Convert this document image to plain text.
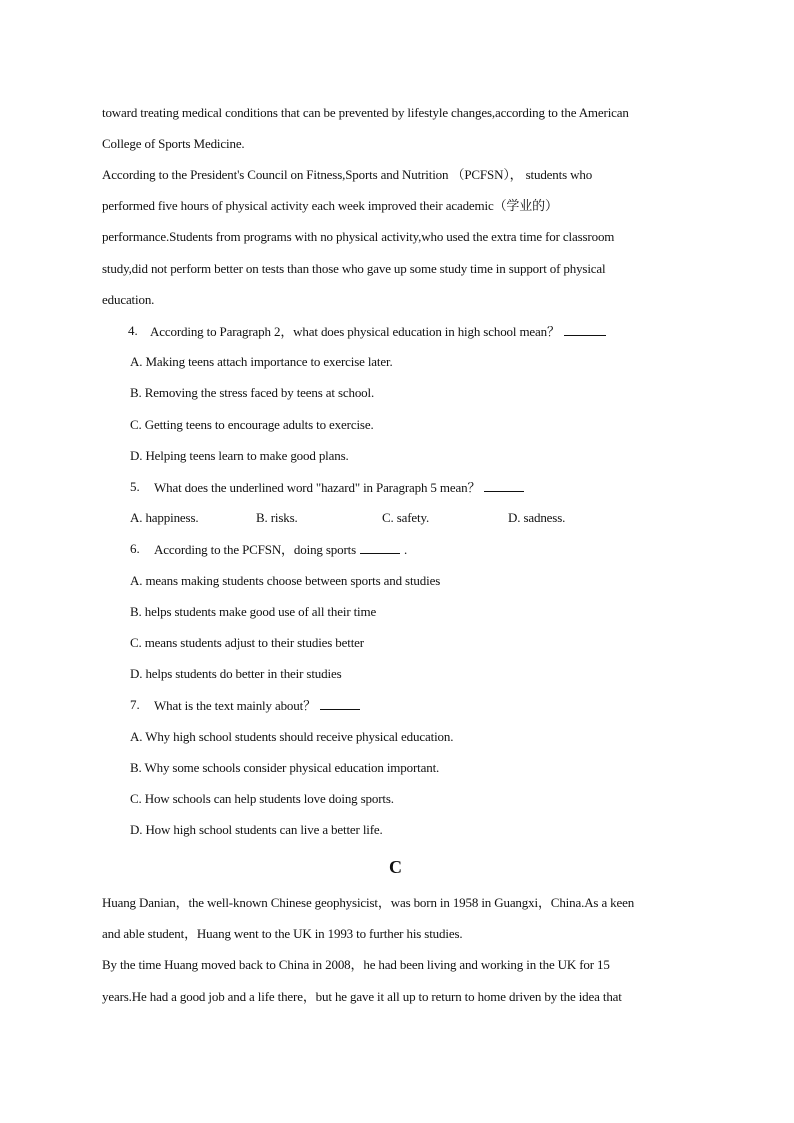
toward treating medical conditions that can be prevented by lifestyle changes,according to the American
College of Sports Medicine.
According to the President's Council on Fitness,Sports and Nutrition （PCFSN）， students who
performed five hours of physical activity each week improved their academic（学业的）
performance.Students from programs with no physical activity,who used the extra time for classroom
study,did not perform better on tests than those who gave up some study time in support of physical
education.
4. According to Paragraph 2，what does physical education in high school mean？
A. Making teens attach importance to exercise later.
B. Removing the stress faced by teens at school.
C. Getting teens to encourage adults to exercise.
D. Helping teens learn to make good plans.
5. What does the underlined word "hazard" in Paragraph 5 mean？
A. happiness.	B. risks.	C. safety.	D. sadness.
6. According to the PCFSN，doing sports	.
A. means making students choose between sports and studies
B. helps students make good use of all their time
C. means students adjust to their studies better
D. helps students do better in their studies
7. What is the text mainly about？
A. Why high school students should receive physical education.
B. Why some schools consider physical education important.
C. How schools can help students love doing sports.
D. How high school students can live a better life.
C
Huang Danian，the well-known Chinese geophysicist，was born in 1958 in Guangxi，China.As a keen
and able student，Huang went to the UK in 1993 to further his studies.
By the time Huang moved back to China in 2008，he had been living and working in the UK for 15
years.He had a good job and a life there，but he gave it all up to return to home driven by the idea that
